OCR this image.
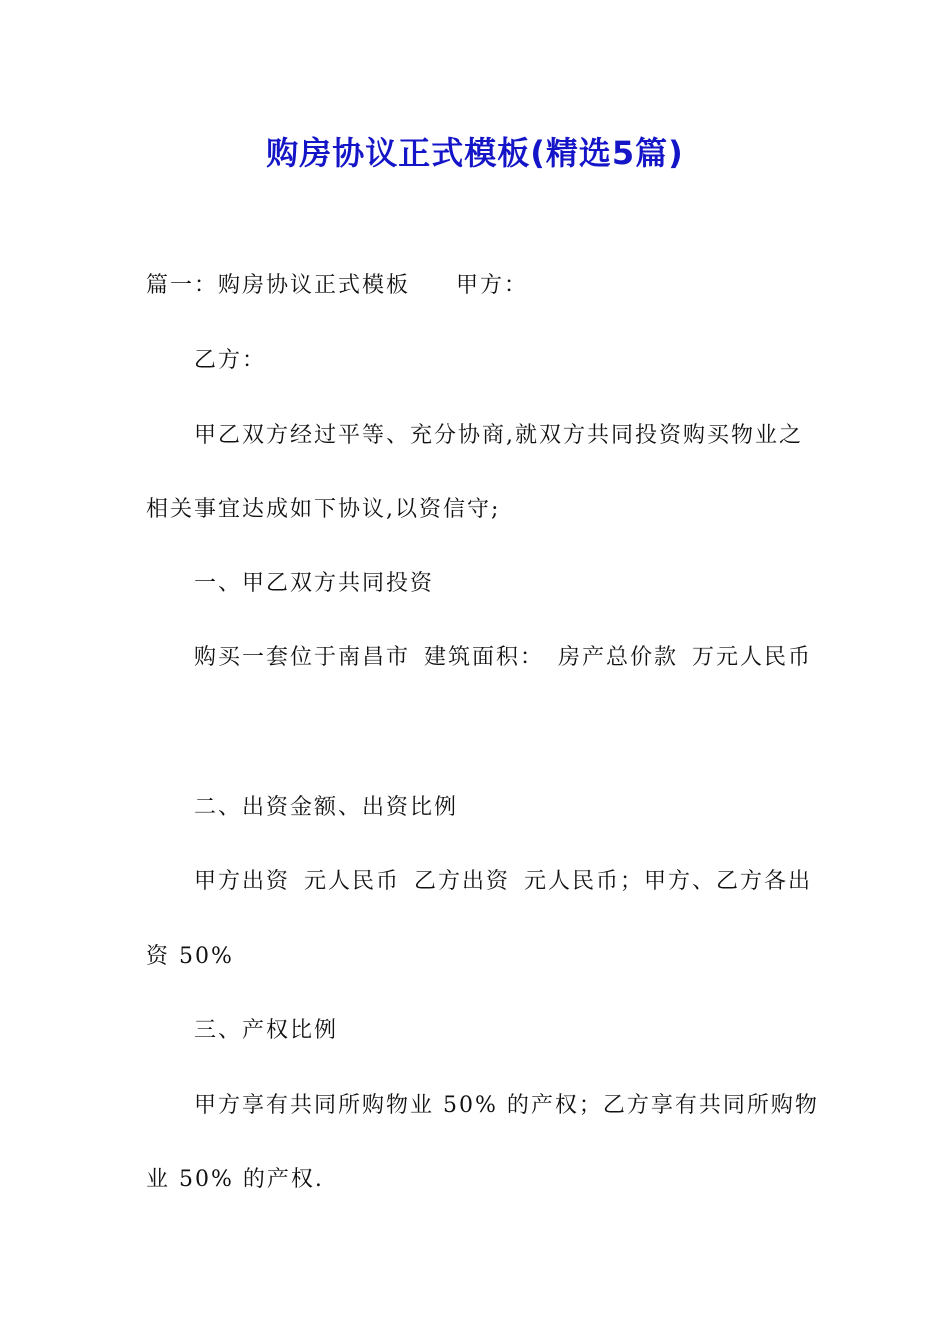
购房协议正式模板(精选5篇)
篇一：购房协议正式模板 甲方：
乙方：
甲乙双方经过平等、充分协商,就双方共同投资购买物业之
相关事宜达成如下协议,以资信守;
一、甲乙双方共同投资
购买一套位于南昌市 建筑面积： 房产总价款 万元人民币
二、出资金额、出资比例
甲方出资 元人民币 乙方出资 元人民币；甲方、乙方各出
资 50%
三、产权比例
甲方享有共同所购物业 50% 的产权；乙方享有共同所购物
业 50% 的产权.
